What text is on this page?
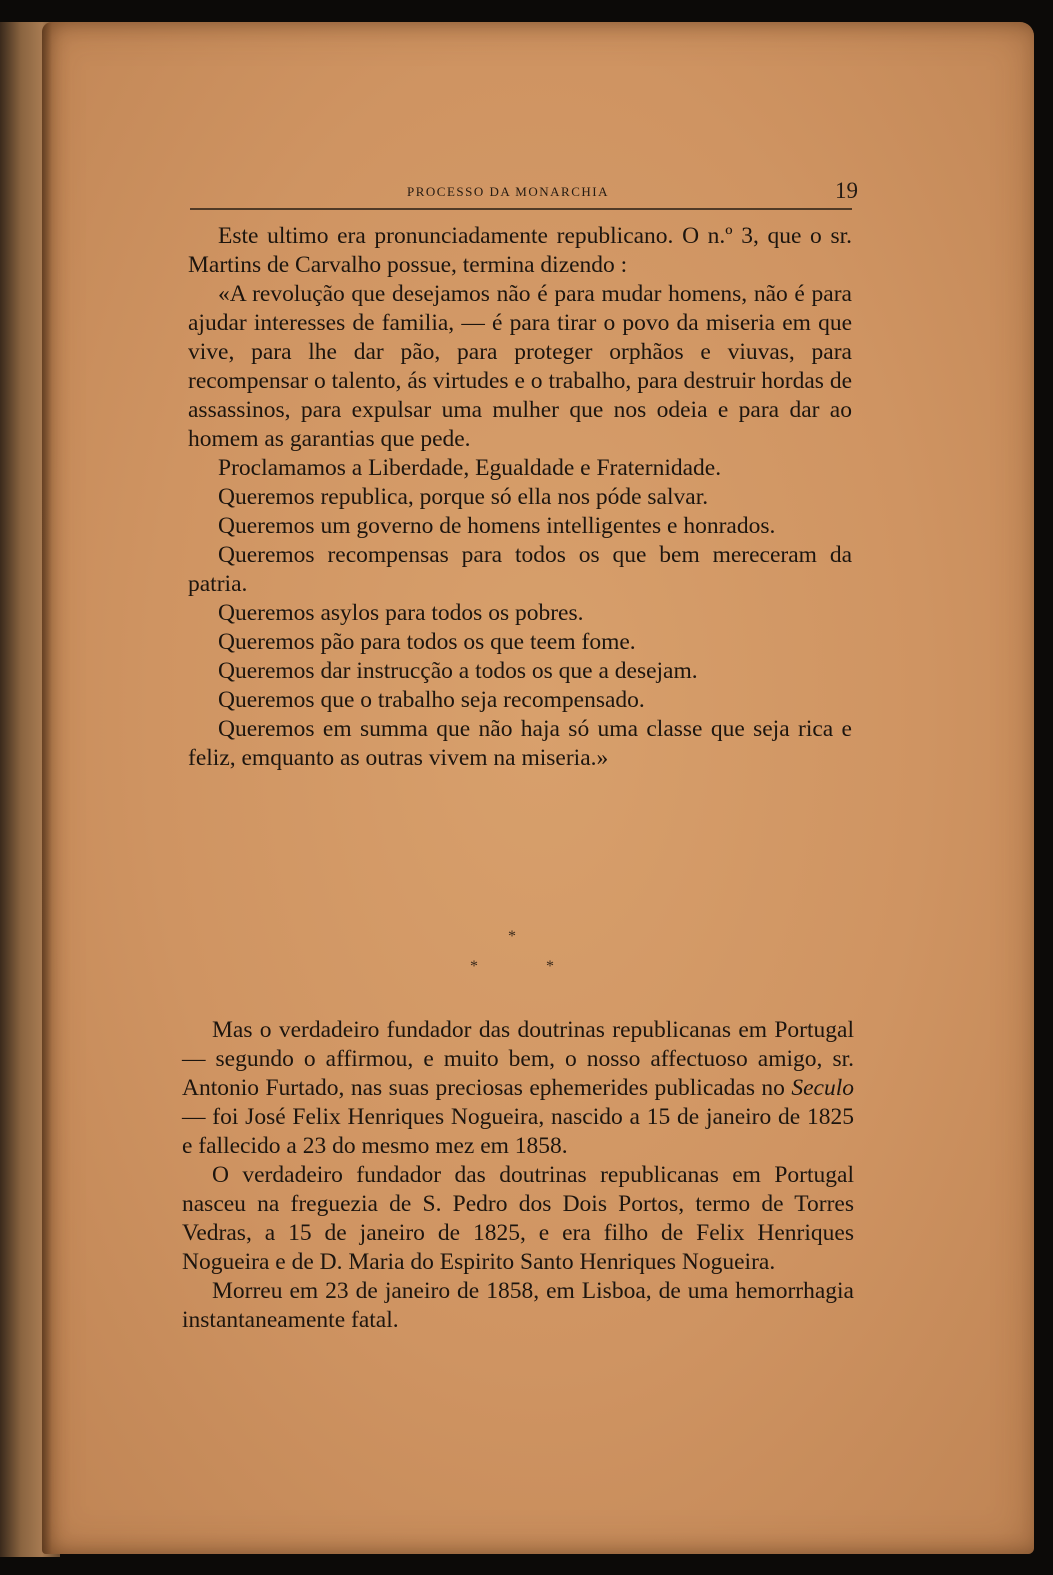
PROCESSO DA MONARCHIA	19

Este ultimo era pronunciadamente republicano. O n.º 3, que o sr. Martins de Carvalho possue, termina dizendo :

«A revolução que desejamos não é para mudar homens, não é para ajudar interesses de familia, — é para tirar o povo da miseria em que vive, para lhe dar pão, para proteger orphãos e viuvas, para recompensar o talento, ás virtudes e o trabalho, para destruir hordas de assassinos, para expulsar uma mulher que nos odeia e para dar ao homem as garantias que pede.

Proclamamos a Liberdade, Egualdade e Fraternidade.

Queremos republica, porque só ella nos póde salvar.

Queremos um governo de homens intelligentes e honrados.

Queremos recompensas para todos os que bem mereceram da patria.

Queremos asylos para todos os pobres.

Queremos pão para todos os que teem fome.

Queremos dar instrucção a todos os que a desejam.

Queremos que o trabalho seja recompensado.

Queremos em summa que não haja só uma classe que seja rica e feliz, emquanto as outras vivem na miseria.»

*
*	*

Mas o verdadeiro fundador das doutrinas republicanas em Portugal — segundo o affirmou, e muito bem, o nosso affectuoso amigo, sr. Antonio Furtado, nas suas preciosas ephemerides publicadas no Seculo — foi José Felix Henriques Nogueira, nascido a 15 de janeiro de 1825 e fallecido a 23 do mesmo mez em 1858.

O verdadeiro fundador das doutrinas republicanas em Portugal nasceu na freguezia de S. Pedro dos Dois Portos, termo de Torres Vedras, a 15 de janeiro de 1825, e era filho de Felix Henriques Nogueira e de D. Maria do Espirito Santo Henriques Nogueira.

Morreu em 23 de janeiro de 1858, em Lisboa, de uma hemorrhagia instantaneamente fatal.
